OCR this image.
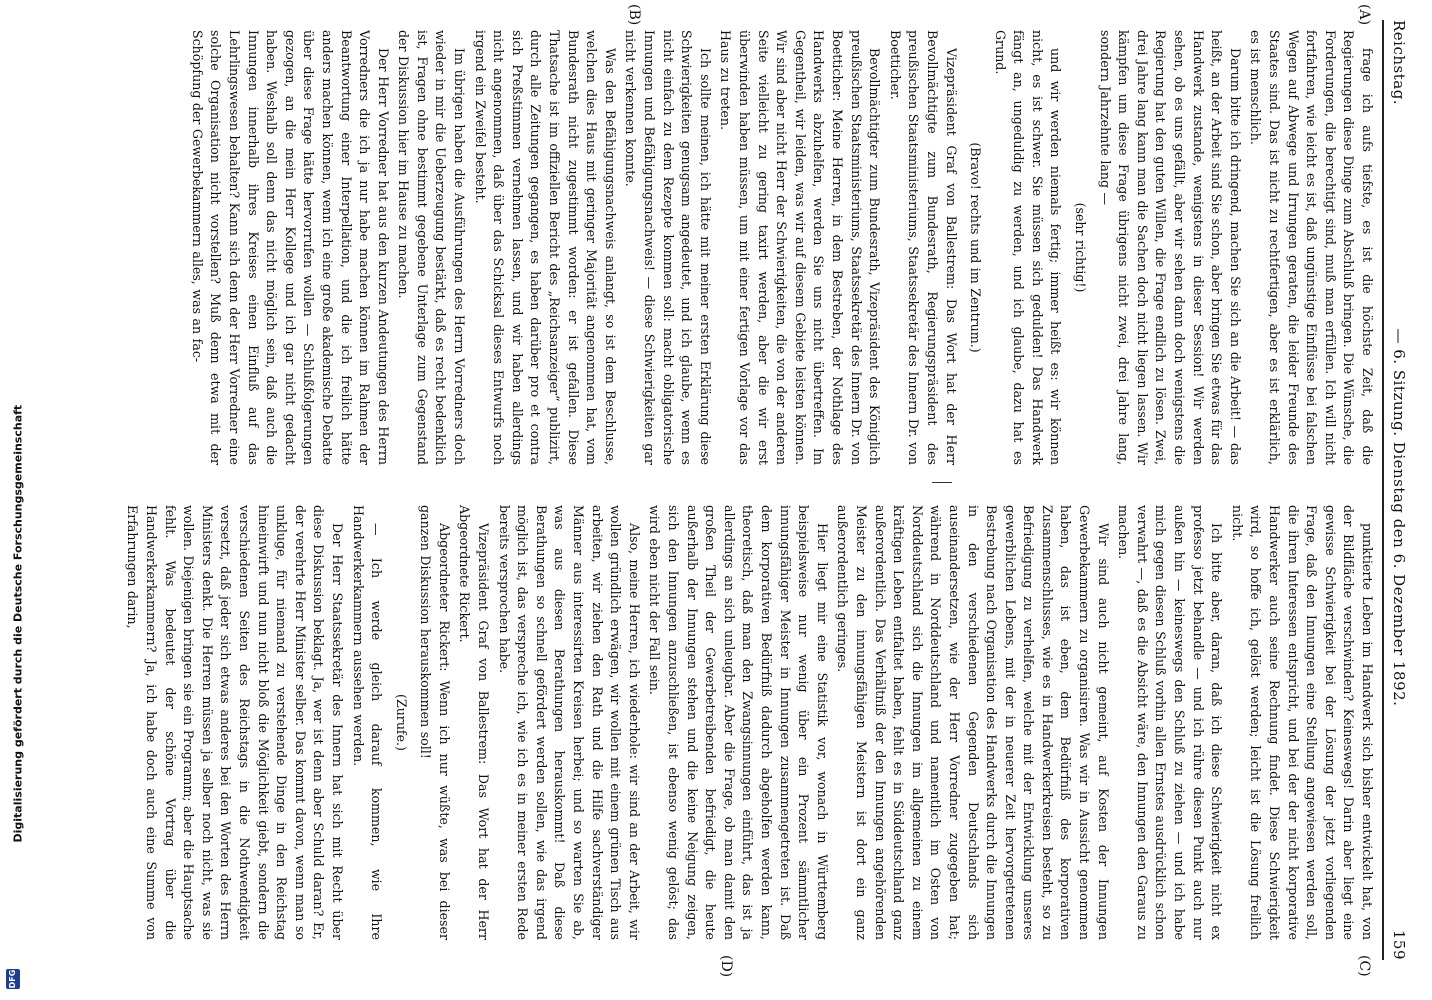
Reichstag.
— 6. Sitzung. Dienstag den 6. Dezember 1892.
159
(A)
(B)
(C)
(D)

frage ich aufs tiefste, es ist die höchste Zeit, daß die Regierungen diese Dinge zum Abschluß bringen. Die Wünsche, die Forderungen, die berechtigt sind, muß man erfüllen. Ich will nicht fortfahren, wie leicht es ist, daß ungünstige Einflüsse bei falschen Wegen auf Abwege und Irrungen geraten, die leider Freunde des Staates sind. Das ist nicht zu rechtfertigen, aber es ist erklärlich, es ist menschlich.

Darum bitte ich dringend, machen Sie sich an die Arbeit! — das heißt, an der Arbeit sind Sie schon, aber bringen Sie etwas für das Handwerk zustande, wenigstens in dieser Session! Wir werden sehen, ob es uns gefällt, aber wir sehen dann doch wenigstens die Regierung hat den guten Willen, die Frage endlich zu lösen. Zwei, drei Jahre lang kann man die Sachen doch nicht liegen lassen. Wir kämpfen um diese Frage übrigens nicht zwei, drei Jahre lang, sondern Jahrzehnte lang —

(sehr richtig!)

und wir werden niemals fertig; immer heißt es: wir können nicht, es ist schwer. Sie müssen sich gedulden! Das Handwerk fängt an, ungeduldig zu werden, und ich glaube, dazu hat es Grund.

(Bravo! rechts und im Zentrum.)

Vizepräsident Graf von Ballestrem: Das Wort hat der Herr Bevollmächtigte zum Bundesrath, Regierungspräsident des preußischen Staatsministeriums, Staatssekretär des Innern Dr. von Boetticher.

Bevollmächtigter zum Bundesrath, Vizepräsident des Königlich preußischen Staatsministeriums, Staatssekretär des Innern Dr. von Boetticher: Meine Herren, in dem Bestreben, der Nothlage des Handwerks abzuhelfen, werden Sie uns nicht übertreffen. Im Gegentheil, wir leiden, was wir auf diesem Gebiete leisten können. Wir sind aber nicht Herr der Schwierigkeiten, die von der anderen Seite vielleicht zu gering taxirt werden, aber die wir erst überwinden haben müssen, um mit einer fertigen Vorlage vor das Haus zu treten.

Ich sollte meinen, ich hätte mit meiner ersten Erklärung diese Schwierigkeiten genugsam angedeutet, und ich glaube, wenn es nicht einfach zu dem Rezepte kommen soll: macht obligatorische Innungen und Befähigungsnachweis! — diese Schwierigkeiten gar nicht verkennen konnte.

Was den Befähigungsnachweis anlangt, so ist dem Beschlusse, welchen dies Haus mit geringer Majorität angenommen hat, vom Bundesrath nicht zugestimmt worden: er ist gefallen. Diese Thatsache ist im offiziellen Bericht des „Reichsanzeiger“ publizirt, durch alle Zeitungen gegangen, es haben darüber pro et contra sich Preßstimmen vernehmen lassen, und wir haben allerdings nicht angenommen, daß über das Schicksal dieses Entwurfs noch irgend ein Zweifel besteht.

Im übrigen haben die Ausführungen des Herrn Vorredners doch wieder in mir die Ueberzeugung bestärkt, daß es recht bedenklich ist, Fragen ohne bestimmt gegebene Unterlage zum Gegenstand der Diskussion hier im Hause zu machen.

Der Herr Vorredner hat aus den kurzen Andeutungen des Herrn Vorredners die ich ja nur habe machen können im Rahmen der Beantwortung einer Interpellation, und die ich freilich hätte anders machen können, wenn ich eine große akademische Debatte über diese Frage hätte hervorrufen wollen — Schlußfolgerungen gezogen, an die mein Herr Kollege und ich gar nicht gedacht haben. Weshalb soll denn das nicht möglich sein, daß auch die Innungen innerhalb ihres Kreises einen Einfluß auf das Lehrlingswesen behalten? Kann sich denn der Herr Vorredner eine solche Organisation nicht vorstellen? Muß denn etwa mit der Schöpfung der Gewerbekammern alles, was an fac-

punktierte Leben im Handwerk sich bisher entwickelt hat, von der Bildfläche verschwinden? Keineswegs! Darin aber liegt eine gewisse Schwierigkeit bei der Lösung der jetzt vorliegenden Frage, daß den Innungen eine Stellung angewiesen werden soll, die ihren Interessen entspricht, und bei der der nicht korporative Handwerker auch seine Rechnung findet. Diese Schwierigkeit wird, so hoffe ich, gelöst werden; leicht ist die Lösung freilich nicht.

Ich bitte aber, daran, daß ich diese Schwierigkeit nicht ex professo jetzt behandle — und ich rühre diesen Punkt auch nur außen hin — keineswegs den Schluß zu ziehen — und ich habe mich gegen diesen Schluß vorhin allen Ernstes ausdrücklich schon verwahrt —, daß es die Absicht wäre, den Innungen den Garaus zu machen.

Wir sind auch nicht gemeint, auf Kosten der Innungen Gewerbekammern zu organisiren. Was wir in Aussicht genommen haben, das ist eben, dem Bedürfniß des korporativen Zusammenschlusses, wie es in Handwerkerkreisen besteht, so zu Befriedigung zu verhelfen, welche mit der Entwicklung unseres gewerblichen Lebens, mit der in neuerer Zeit hervorgetretenen Bestrebung nach Organisation des Handwerks durch die Innungen in den verschiedenen Gegenden Deutschlands sich auseinandersetzen, wie der Herr Vorredner zugegeben hat; während in Norddeutschland und namentlich im Osten von Norddeutschland sich die Innungen im allgemeinen zu einem kräftigen Leben entfaltet haben, fehlt es in Süddeutschland ganz außerordentlich. Das Verhältniß der den Innungen angehörenden Meister zu den innungsfähigen Meistern ist dort ein ganz außerordentlich geringes.

Hier liegt mir eine Statistik vor, wonach in Württemberg beispielsweise nur wenig über ein Prozent sämmtlicher innungsfähiger Meister in Innungen zusammengetreten ist. Daß dem korporativen Bedürfniß dadurch abgeholfen werden kann, theoretisch, daß man den Zwangsinnungen einführt, das ist ja allerdings an sich unleugbar. Aber die Frage, ob man damit den großen Theil der Gewerbetreibenden befriedigt, die heute außerhalb der Innungen stehen und die keine Neigung zeigen, sich den Innungen anzuschließen, ist ebenso wenig gelöst; das wird eben nicht der Fall sein.

Also, meine Herren, ich wiederhole: wir sind an der Arbeit, wir wollen gründlich erwägen, wir wollen mit einem grünen Tisch aus arbeiten, wir ziehen den Rath und die Hilfe sachverständiger Männer aus interessirten Kreisen herbei; und so warten Sie ab, was aus diesen Berathungen herauskommt! Daß diese Berathungen so schnell gefördert werden sollen, wie das irgend möglich ist, das verspreche ich, wie ich es in meiner ersten Rede bereits versprochen habe.

Vizepräsident Graf von Ballestrem: Das Wort hat der Herr Abgeordnete Rickert.

Abgeordneter Rickert: Wenn ich nur wüßte, was bei dieser ganzen Diskussion herauskommen soll!

(Zurufe.)

— Ich werde gleich darauf kommen, wie Ihre Handwerkerkammern aussehen werden.

Der Herr Staatssekretär des Innern hat sich mit Recht über diese Diskussion beklagt. Ja, wer ist denn aber Schuld daran? Er, der verehrte Herr Minister selber. Das kommt davon, wenn man so unkluge, für niemand zu verstehende Dinge in den Reichstag hineinwirft und nun nicht bloß die Möglichkeit giebt, sondern die verschiedenen Seiten des Reichstags in die Nothwendigkeit versetzt, daß jeder sich etwas anderes bei den Worten des Herrn Ministers denkt. Die Herren müssen ja selber noch nicht, was sie wollen. Diejenigen bringen sie ein Programm; aber die Hauptsache fehlt. Was bedeutet der schöne Vortrag über die Handwerkerkammern? Ja, ich habe doch auch eine Summe von Erfahrungen darin,

Digitalisierung gefördert durch die Deutsche Forschungsgemeinschaft
DFG
